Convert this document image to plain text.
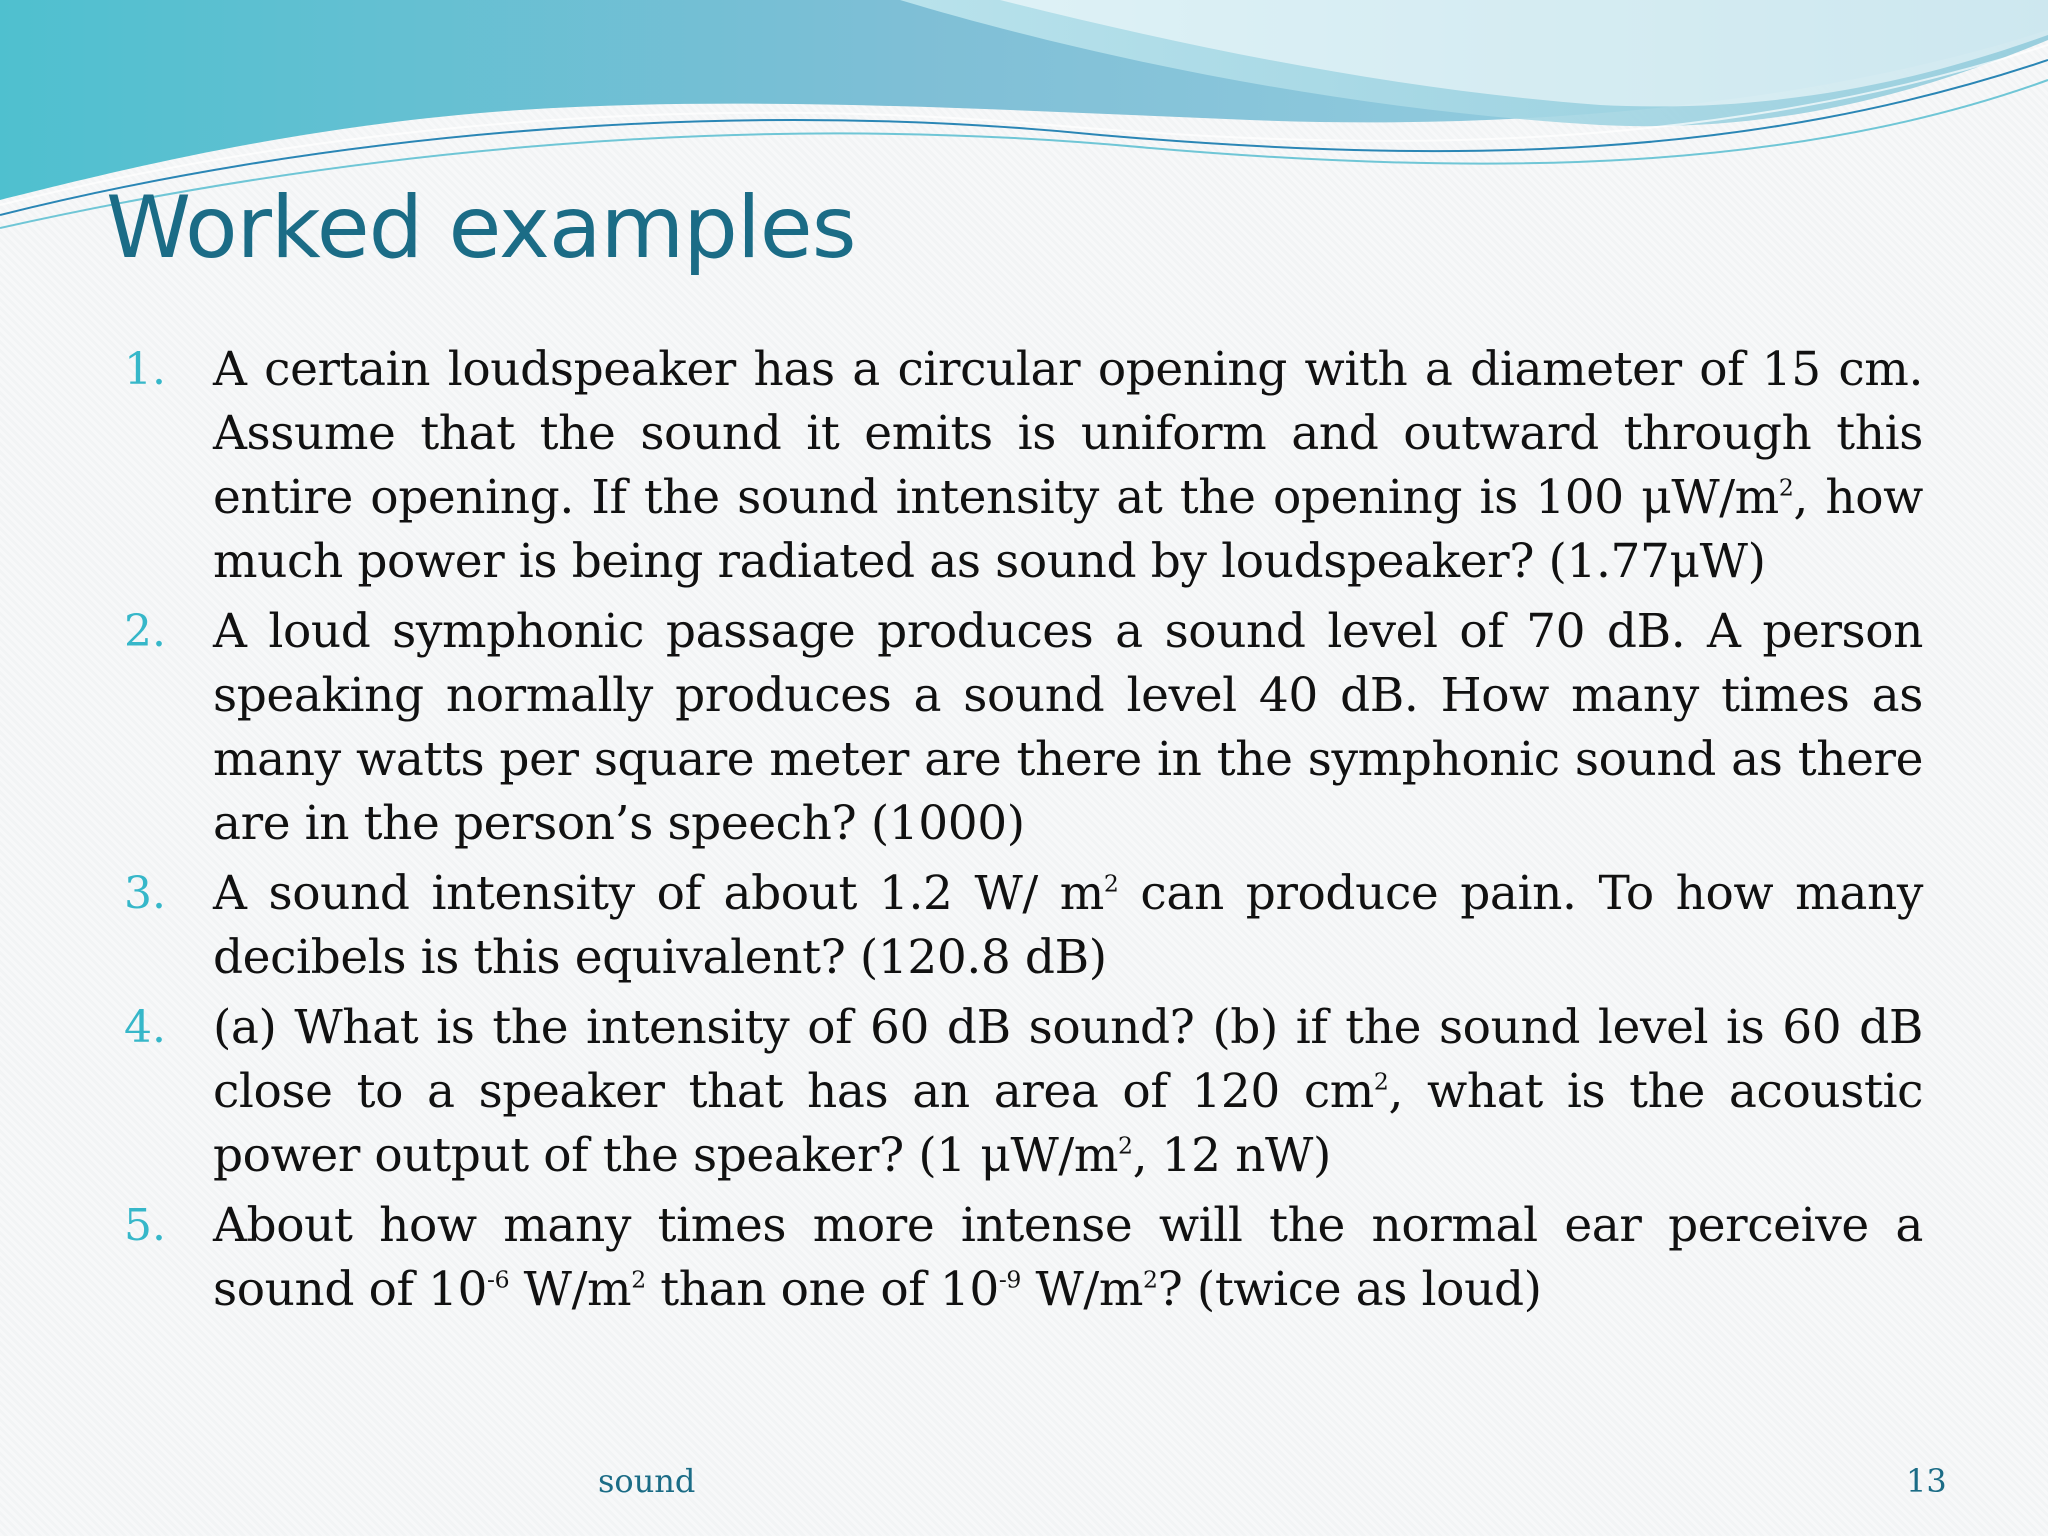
Worked examples
1. A certain loudspeaker has a circular opening with a diameter of 15 cm. Assume that the sound it emits is uniform and outward through this entire opening. If the sound intensity at the opening is 100 $\mu W/m^2$, how much power is being radiated as sound by loudspeaker? (1.77μW)
2. A loud symphonic passage produces a sound level of 70 dB. A person speaking normally produces a sound level 40 dB. How many times as many watts per square meter are there in the symphonic sound as there are in the person’s speech? (1000)
3. A sound intensity of about 1.2 W/ $m^2$ can produce pain. To how many decibels is this equivalent? (120.8 dB)
4. (a) What is the intensity of 60 dB sound? (b) if the sound level is 60 dB close to a speaker that has an area of 120 $cm^2$, what is the acoustic power output of the speaker? (1 $\mu W/m^2$, 12 nW)
5. About how many times more intense will the normal ear perceive a sound of $10^{-6}$ $W/m^2$ than one of $10^{-9}$ $W/m^2$? (twice as loud)
sound	13
